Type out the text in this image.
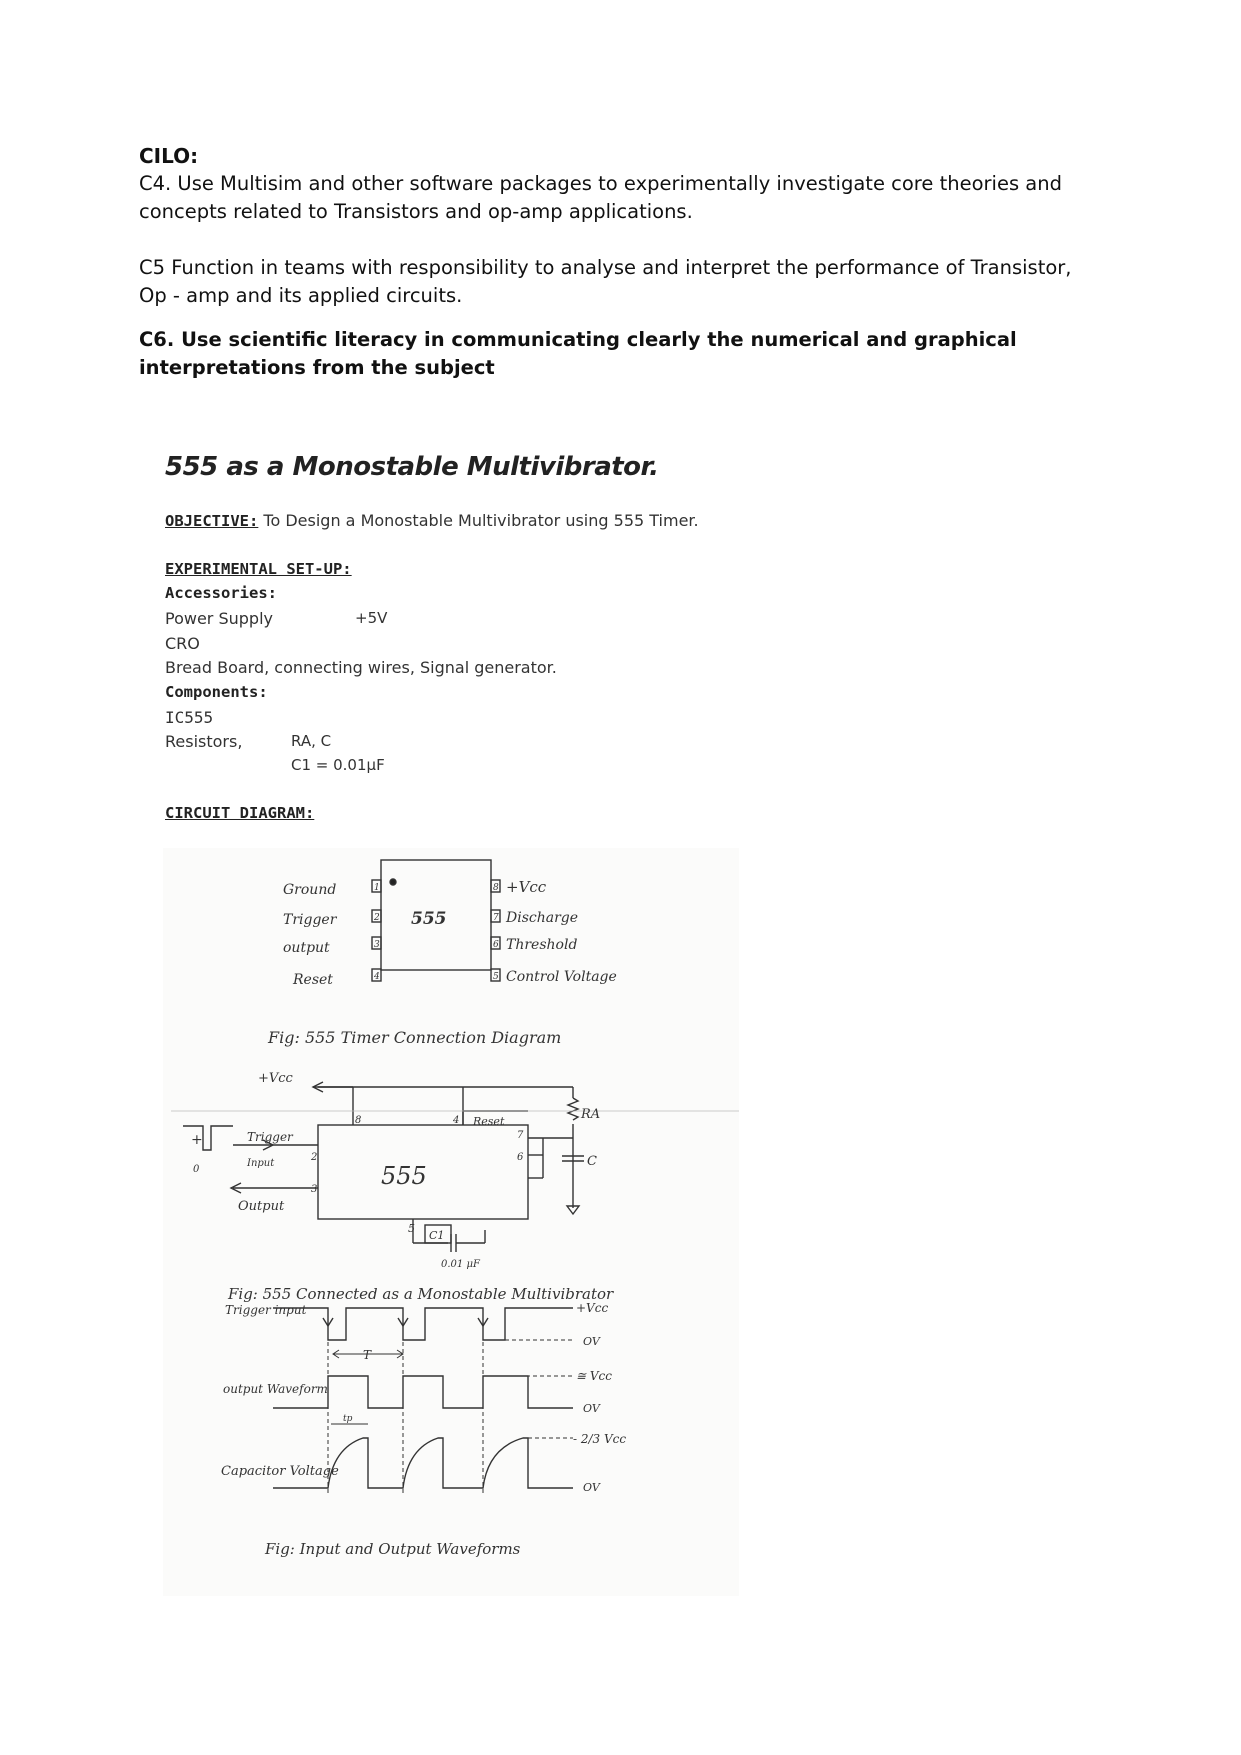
CILO:

C4. Use Multisim and other software packages to experimentally investigate core theories and concepts related to Transistors and op-amp applications.

C5 Function in teams with responsibility to analyse and interpret the performance of Transistor, Op - amp and its applied circuits.

C6. Use scientific literacy in communicating clearly the numerical and graphical interpretations from the subject

555 as a Monostable Multivibrator.
OBJECTIVE: To Design a Monostable Multivibrator using 555 Timer.
EXPERIMENTAL SET-UP:
Accessories:
Power Supply	+5V
CRO
Bread Board, connecting wires, Signal generator.
Components:
IC555
Resistors,	RA, C
C1 = 0.01μF
CIRCUIT DIAGRAM:
Ground
Trigger
output
Reset
1
2
3
4
8
7
6
5
+Vcc
Discharge
Threshold
Control Voltage
555
Fig: 555 Timer Connection Diagram
+Vcc
555
Trigger
Input
Output
Reset	RA
C
C1
0.01 μF
+
0
8	4
7
2	6
3
5
Fig: 555 Connected as a Monostable Multivibrator
Trigger input
output Waveform
Capacitor Voltage
+Vcc
OV
≅ Vcc
OV
- 2/3 Vcc
OV
T
tp
Fig: Input and Output Waveforms
